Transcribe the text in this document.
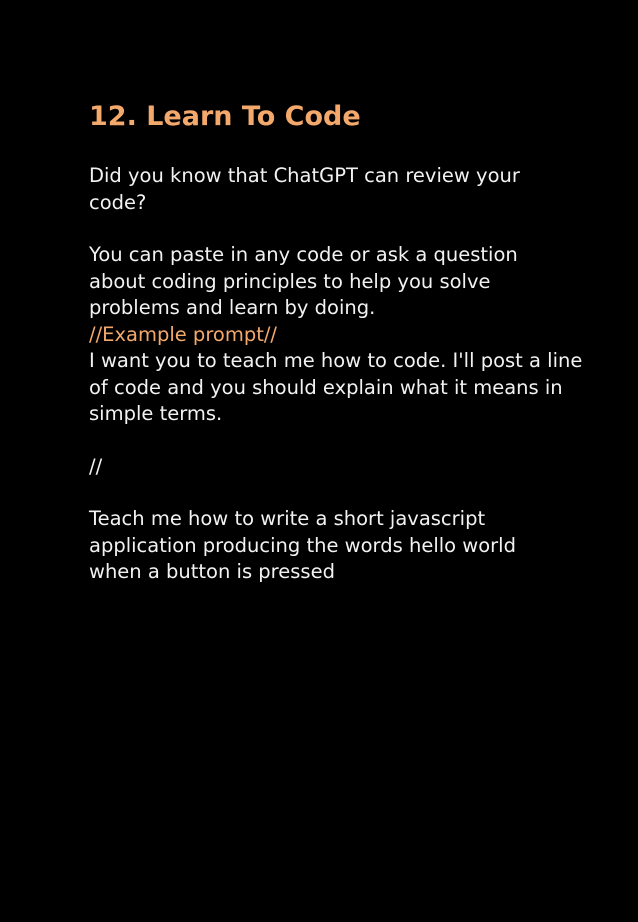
12. Learn To Code

Did you know that ChatGPT can review your
code?

You can paste in any code or ask a question
about coding principles to help you solve
problems and learn by doing.

//Example prompt//

I want you to teach me how to code. I'll post a line
of code and you should explain what it means in
simple terms.

//

Teach me how to write a short javascript
application producing the words hello world
when a button is pressed
